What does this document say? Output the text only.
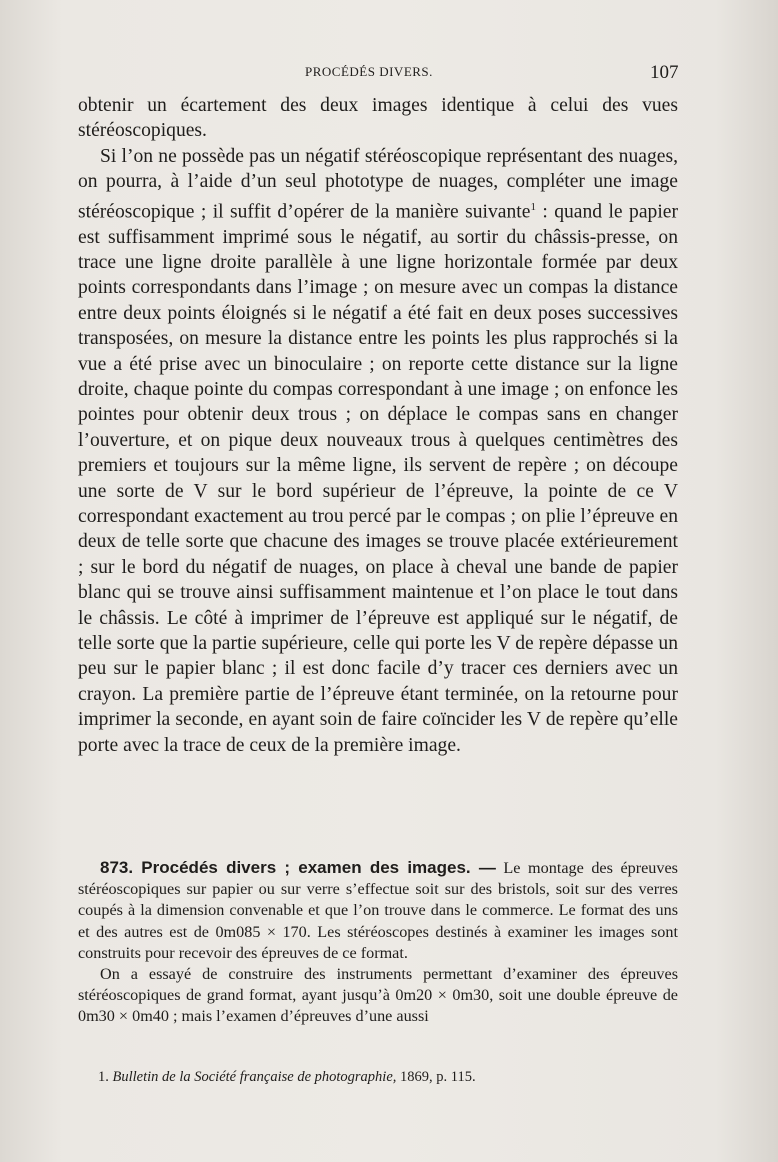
PROCÉDÉS DIVERS.	107

obtenir un écartement des deux images identique à celui des vues stéréoscopiques.

Si l’on ne possède pas un négatif stéréoscopique représentant des nuages, on pourra, à l’aide d’un seul phototype de nuages, compléter une image stéréoscopique ; il suffit d’opérer de la manière suivante$^1$ : quand le papier est suffisamment imprimé sous le négatif, au sortir du châssis-presse, on trace une ligne droite parallèle à une ligne horizontale formée par deux points correspondants dans l’image ; on mesure avec un compas la distance entre deux points éloignés si le négatif a été fait en deux poses successives transposées, on mesure la distance entre les points les plus rapprochés si la vue a été prise avec un binoculaire ; on reporte cette distance sur la ligne droite, chaque pointe du compas correspondant à une image ; on enfonce les pointes pour obtenir deux trous ; on déplace le compas sans en changer l’ouverture, et on pique deux nouveaux trous à quelques centimètres des premiers et toujours sur la même ligne, ils servent de repère ; on découpe une sorte de V sur le bord supérieur de l’épreuve, la pointe de ce V correspondant exactement au trou percé par le compas ; on plie l’épreuve en deux de telle sorte que chacune des images se trouve placée extérieurement ; sur le bord du négatif de nuages, on place à cheval une bande de papier blanc qui se trouve ainsi suffisamment maintenue et l’on place le tout dans le châssis. Le côté à imprimer de l’épreuve est appliqué sur le négatif, de telle sorte que la partie supérieure, celle qui porte les V de repère dépasse un peu sur le papier blanc ; il est donc facile d’y tracer ces derniers avec un crayon. La première partie de l’épreuve étant terminée, on la retourne pour imprimer la seconde, en ayant soin de faire coïncider les V de repère qu’elle porte avec la trace de ceux de la première image.

873. Procédés divers ; examen des images. — Le montage des épreuves stéréoscopiques sur papier ou sur verre s’effectue soit sur des bristols, soit sur des verres coupés à la dimension convenable et que l’on trouve dans le commerce. Le format des uns et des autres est de 0m085 × 170. Les stéréoscopes destinés à examiner les images sont construits pour recevoir des épreuves de ce format.

On a essayé de construire des instruments permettant d’examiner des épreuves stéréoscopiques de grand format, ayant jusqu’à 0m20 × 0m30, soit une double épreuve de 0m30 × 0m40 ; mais l’examen d’épreuves d’une aussi

1. Bulletin de la Société française de photographie, 1869, p. 115.
